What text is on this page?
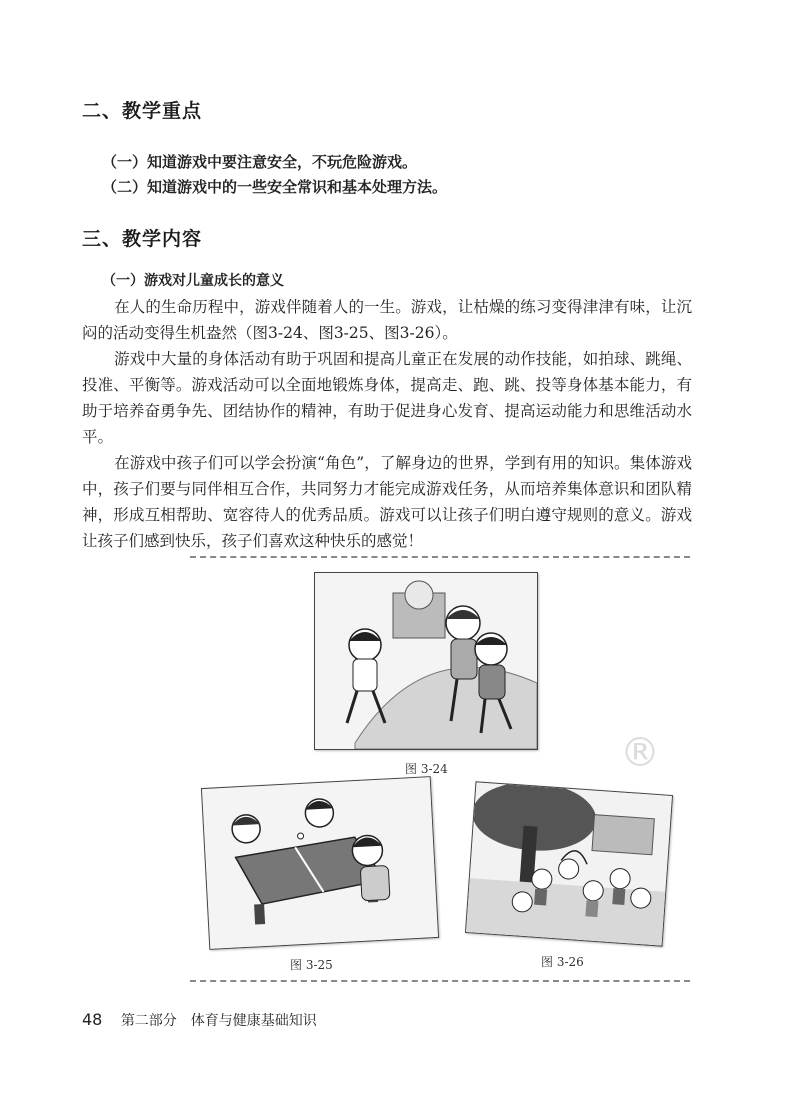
二、教学重点
（一）知道游戏中要注意安全，不玩危险游戏。
（二）知道游戏中的一些安全常识和基本处理方法。
三、教学内容
（一）游戏对儿童成长的意义

在人的生命历程中，游戏伴随着人的一生。游戏，让枯燥的练习变得津津有味，让沉闷的活动变得生机盎然（图3-24、图3-25、图3-26）。

游戏中大量的身体活动有助于巩固和提高儿童正在发展的动作技能，如拍球、跳绳、投准、平衡等。游戏活动可以全面地锻炼身体，提高走、跑、跳、投等身体基本能力，有助于培养奋勇争先、团结协作的精神，有助于促进身心发育、提高运动能力和思维活动水平。

在游戏中孩子们可以学会扮演“角色”，了解身边的世界，学到有用的知识。集体游戏中，孩子们要与同伴相互合作，共同努力才能完成游戏任务，从而培养集体意识和团队精神，形成互相帮助、宽容待人的优秀品质。游戏可以让孩子们明白遵守规则的意义。游戏让孩子们感到快乐，孩子们喜欢这种快乐的感觉！

图 3-24	®
图 3-25	图 3-26
48 第二部分　体育与健康基础知识
